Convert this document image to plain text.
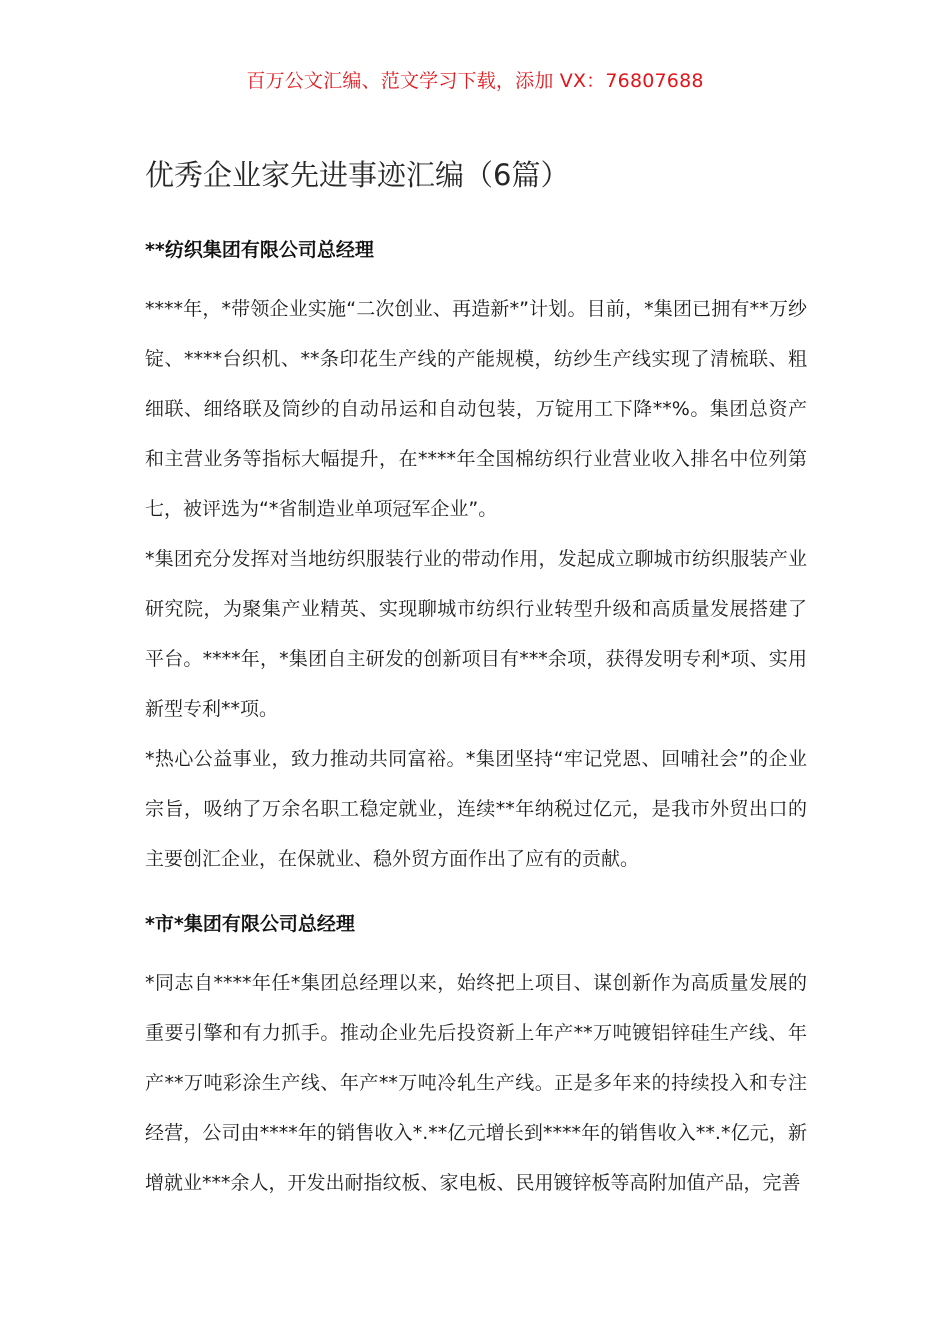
百万公文汇编、范文学习下载，添加 VX：76807688
优秀企业家先进事迹汇编（6篇）
**纺织集团有限公司总经理

****年，*带领企业实施“二次创业、再造新*”计划。目前，*集团已拥有**万纱锭、****台织机、**条印花生产线的产能规模，纺纱生产线实现了清梳联、粗细联、细络联及筒纱的自动吊运和自动包装，万锭用工下降**%。集团总资产和主营业务等指标大幅提升，在****年全国棉纺织行业营业收入排名中位列第七，被评选为“*省制造业单项冠军企业”。

*集团充分发挥对当地纺织服装行业的带动作用，发起成立聊城市纺织服装产业研究院，为聚集产业精英、实现聊城市纺织行业转型升级和高质量发展搭建了平台。****年，*集团自主研发的创新项目有***余项，获得发明专利*项、实用新型专利**项。

*热心公益事业，致力推动共同富裕。*集团坚持“牢记党恩、回哺社会”的企业宗旨，吸纳了万余名职工稳定就业，连续**年纳税过亿元，是我市外贸出口的主要创汇企业，在保就业、稳外贸方面作出了应有的贡献。

*市*集团有限公司总经理

*同志自****年任*集团总经理以来，始终把上项目、谋创新作为高质量发展的重要引擎和有力抓手。推动企业先后投资新上年产**万吨镀铝锌硅生产线、年产**万吨彩涂生产线、年产**万吨冷轧生产线。正是多年来的持续投入和专注经营，公司由****年的销售收入*.**亿元增长到****年的销售收入**.*亿元，新增就业***余人，开发出耐指纹板、家电板、民用镀锌板等高附加值产品，完善
